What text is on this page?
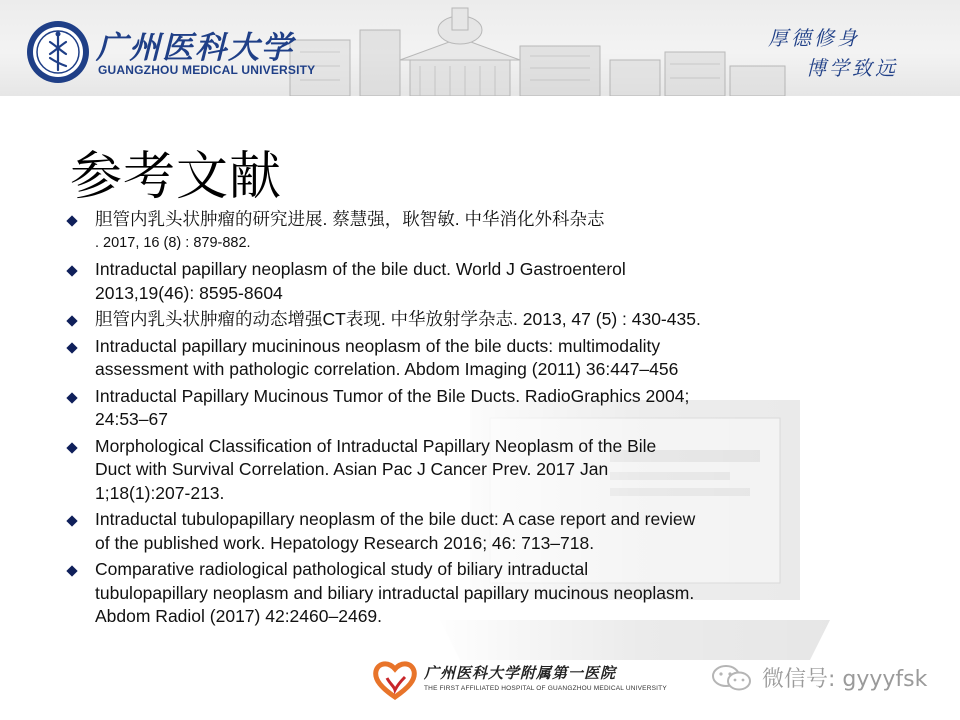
广州医科大学
GUANGZHOU MEDICAL UNIVERSITY
厚德修身
博学致远
参考文献
胆管内乳头状肿瘤的研究进展. 蔡慧强，耿智敏. 中华消化外科杂志
. 2017, 16 (8) : 879-882.
Intraductal papillary neoplasm of the bile duct. World J Gastroenterol
2013,19(46): 8595-8604
胆管内乳头状肿瘤的动态增强CT表现. 中华放射学杂志. 2013, 47 (5) : 430-435.
Intraductal papillary mucininous neoplasm of the bile ducts: multimodality
assessment with pathologic correlation. Abdom Imaging (2011) 36:447–456
Intraductal Papillary Mucinous Tumor of the Bile Ducts. RadioGraphics 2004;
24:53–67
Morphological Classification of Intraductal Papillary Neoplasm of the Bile
Duct with Survival Correlation. Asian Pac J Cancer Prev. 2017 Jan
1;18(1):207-213.
Intraductal tubulopapillary neoplasm of the bile duct: A case report and review
of the published work. Hepatology Research 2016; 46: 713–718.
Comparative radiological pathological study of biliary intraductal
tubulopapillary neoplasm and biliary intraductal papillary mucinous neoplasm.
Abdom Radiol (2017) 42:2460–2469.
广州医科大学附属第一医院
THE FIRST AFFILIATED HOSPITAL OF GUANGZHOU MEDICAL UNIVERSITY	微信号: gyyyfsk
